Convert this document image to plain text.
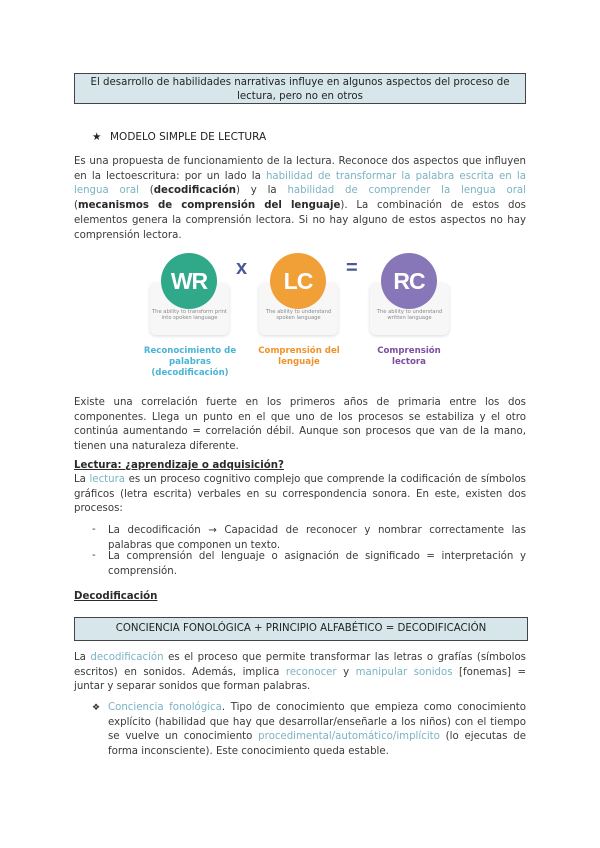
El desarrollo de habilidades narrativas influye en algunos aspectos del proceso de lectura, pero no en otros
★ MODELO SIMPLE DE LECTURA
Es una propuesta de funcionamiento de la lectura. Reconoce dos aspectos que influyen en la lectoescritura: por un lado la habilidad de transformar la palabra escrita en la lengua oral (decodificación) y la habilidad de comprender la lengua oral (mecanismos de comprensión del lenguaje). La combinación de estos dos elementos genera la comprensión lectora. Si no hay alguno de estos aspectos no hay comprensión lectora.
The ability to transform print into spoken language
WR
Reconocimiento de palabras (decodificación)
x
The ability to understand spoken language
LC
Comprensión del lenguaje
=
The ability to understand written language
RC
Comprensión lectora
Existe una correlación fuerte en los primeros años de primaria entre los dos componentes. Llega un punto en el que uno de los procesos se estabiliza y el otro continúa aumentando = correlación débil. Aunque son procesos que van de la mano, tienen una naturaleza diferente.
Lectura: ¿aprendizaje o adquisición?
La lectura es un proceso cognitivo complejo que comprende la codificación de símbolos gráficos (letra escrita) verbales en su correspondencia sonora. En este, existen dos procesos:
- La decodificación → Capacidad de reconocer y nombrar correctamente las palabras que componen un texto.
- La comprensión del lenguaje o asignación de significado = interpretación y comprensión.
Decodificación
CONCIENCIA FONOLÓGICA + PRINCIPIO ALFABÉTICO = DECODIFICACIÓN
La decodificación es el proceso que permite transformar las letras o grafías (símbolos escritos) en sonidos. Además, implica reconocer y manipular sonidos [fonemas] = juntar y separar sonidos que forman palabras.
❖ Conciencia fonológica. Tipo de conocimiento que empieza como conocimiento explícito (habilidad que hay que desarrollar/enseñarle a los niños) con el tiempo se vuelve un conocimiento procedimental/automático/implícito (lo ejecutas de forma inconsciente). Este conocimiento queda estable.
